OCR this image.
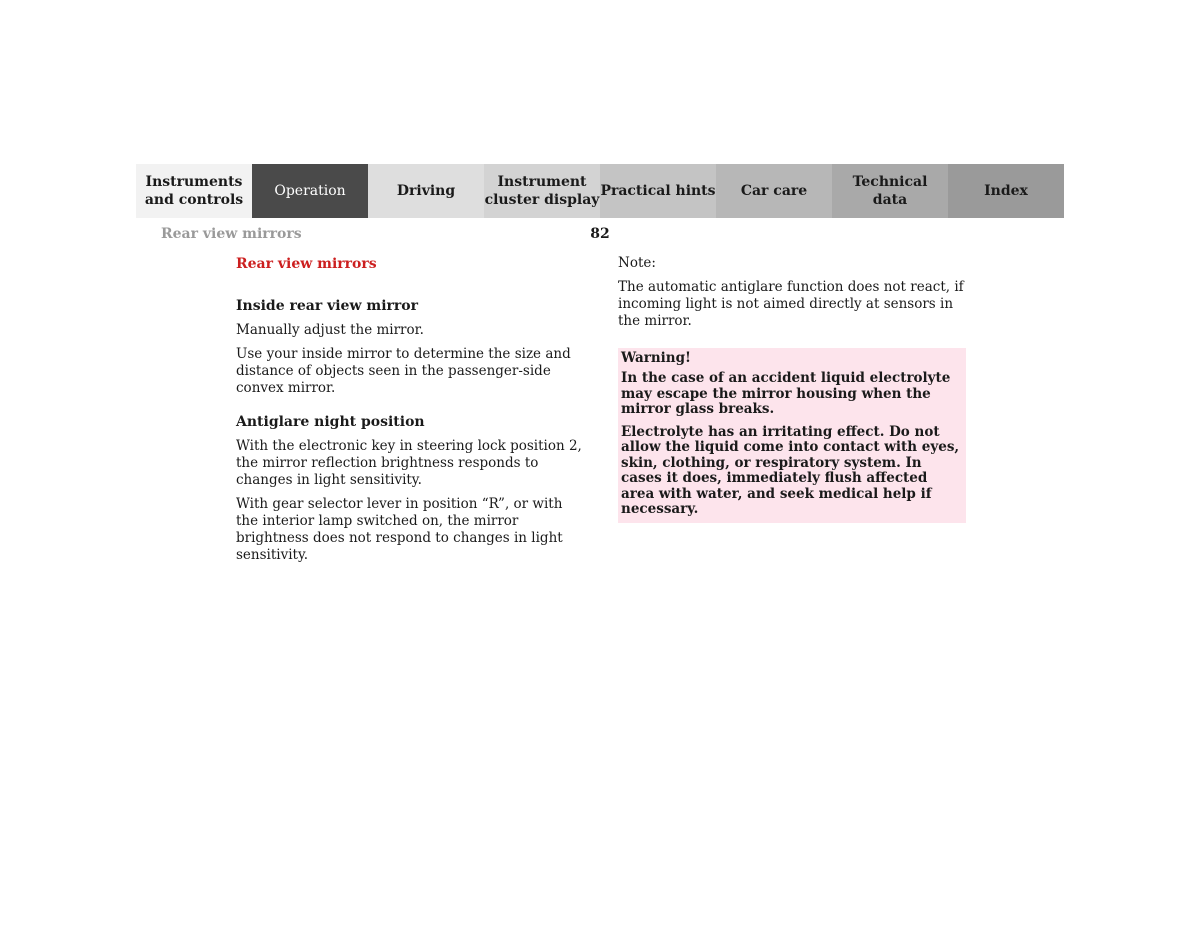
Instruments
and controls
Operation	Driving
Instrument
cluster display
Practical hints	Car care
Technical
data
Index
Rear view mirrors	82
Rear view mirrors
Inside rear view mirror

Manually adjust the mirror.

Use your inside mirror to determine the size and distance of objects seen in the passenger-side convex mirror.

Antiglare night position

With the electronic key in steering lock position 2, the mirror reflection brightness responds to changes in light sensitivity.

With gear selector lever in position “R”, or with the interior lamp switched on, the mirror brightness does not respond to changes in light sensitivity.

Note:

The automatic antiglare function does not react, if incoming light is not aimed directly at sensors in the mirror.

Warning!

In the case of an accident liquid electrolyte may escape the mirror housing when the mirror glass breaks.

Electrolyte has an irritating effect. Do not allow the liquid come into contact with eyes, skin, clothing, or respiratory system. In cases it does, immediately flush affected area with water, and seek medical help if necessary.
